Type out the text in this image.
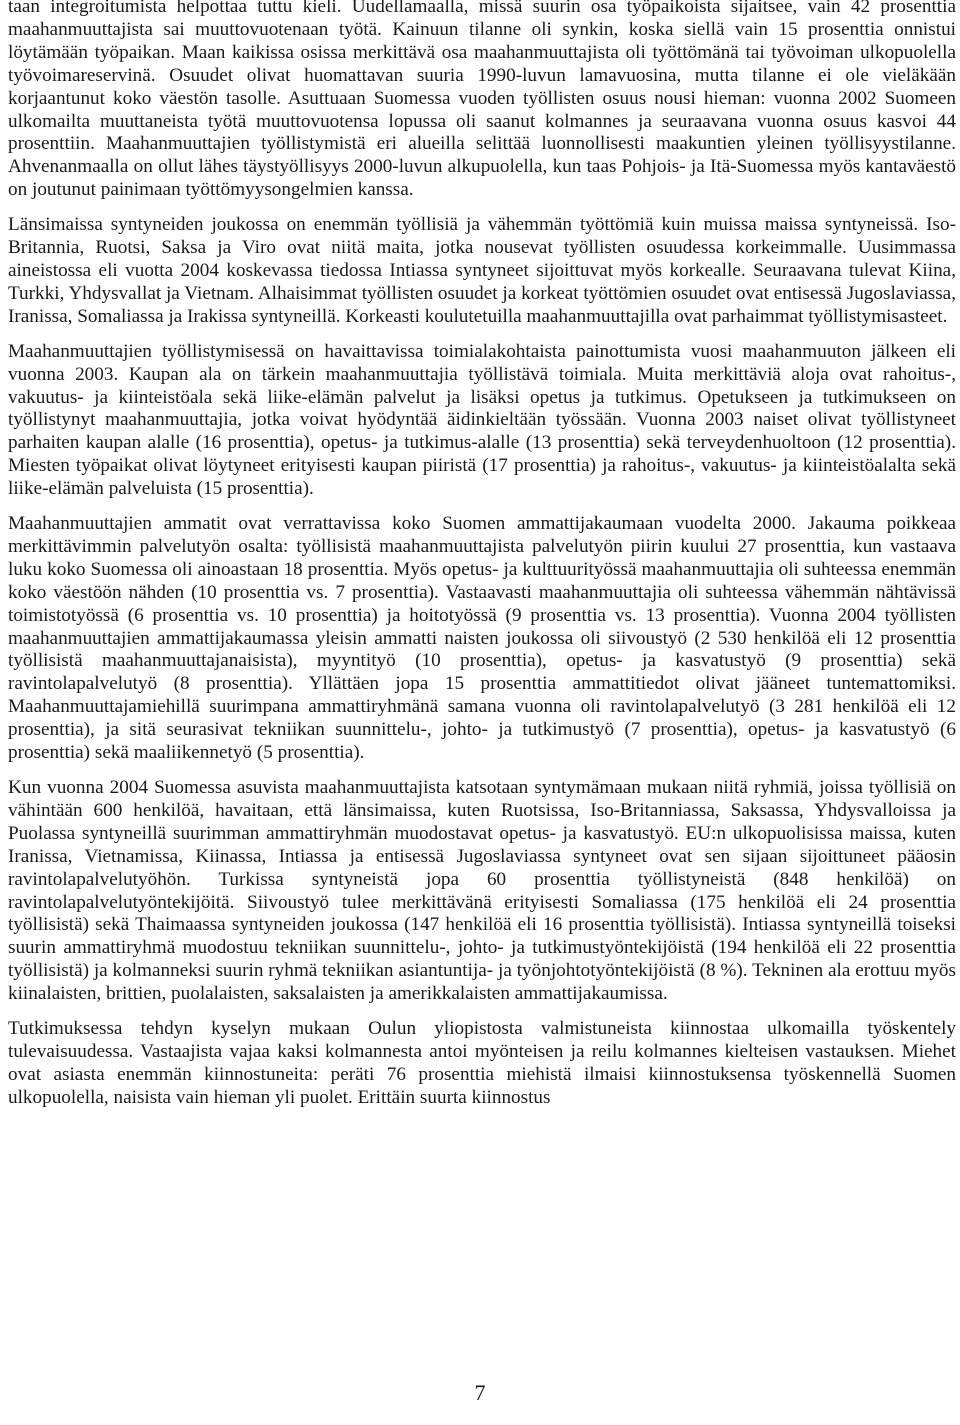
taan integroitumista helpottaa tuttu kieli. Uudellamaalla, missä suurin osa työpaikoista sijaitsee, vain 42 prosenttia maahanmuuttajista sai muuttovuotenaan työtä. Kainuun tilanne oli synkin, koska siellä vain 15 prosenttia onnistui löytämään työpaikan. Maan kaikissa osissa merkittävä osa maahanmuuttajista oli työttömänä tai työvoiman ulkopuolella työvoimareservinä. Osuudet olivat huomattavan suuria 1990-luvun lamavuosina, mutta tilanne ei ole vieläkään korjaantunut koko väestön tasolle. Asuttuaan Suomessa vuoden työllisten osuus nousi hieman: vuonna 2002 Suomeen ulkomailta muuttaneista työtä muuttovuotensa lopussa oli saanut kolmannes ja seuraavana vuonna osuus kasvoi 44 prosenttiin. Maahanmuuttajien työllistymistä eri alueilla selittää luonnollisesti maakuntien yleinen työllisyystilanne. Ahvenanmaalla on ollut lähes täystyöllisyys 2000-luvun alkupuolella, kun taas Pohjois- ja Itä-Suomessa myös kantaväestö on joutunut painimaan työttömyysongelmien kanssa.

Länsimaissa syntyneiden joukossa on enemmän työllisiä ja vähemmän työttömiä kuin muissa maissa syntyneissä. Iso-Britannia, Ruotsi, Saksa ja Viro ovat niitä maita, jotka nousevat työllisten osuudessa korkeimmalle. Uusimmassa aineistossa eli vuotta 2004 koskevassa tiedossa Intiassa syntyneet sijoittuvat myös korkealle. Seuraavana tulevat Kiina, Turkki, Yhdysvallat ja Vietnam. Alhaisimmat työllisten osuudet ja korkeat työttömien osuudet ovat entisessä Jugoslaviassa, Iranissa, Somaliassa ja Irakissa syntyneillä. Korkeasti koulutetuilla maahanmuuttajilla ovat parhaimmat työllistymisasteet.

Maahanmuuttajien työllistymisessä on havaittavissa toimialakohtaista painottumista vuosi maahanmuuton jälkeen eli vuonna 2003. Kaupan ala on tärkein maahanmuuttajia työllistävä toimiala. Muita merkittäviä aloja ovat rahoitus-, vakuutus- ja kiinteistöala sekä liike-elämän palvelut ja lisäksi opetus ja tutkimus. Opetukseen ja tutkimukseen on työllistynyt maahanmuuttajia, jotka voivat hyödyntää äidinkieltään työssään. Vuonna 2003 naiset olivat työllistyneet parhaiten kaupan alalle (16 prosenttia), opetus- ja tutkimus-alalle (13 prosenttia) sekä terveydenhuoltoon (12 prosenttia). Miesten työpaikat olivat löytyneet erityisesti kaupan piiristä (17 prosenttia) ja rahoitus-, vakuutus- ja kiinteistöalalta sekä liike-elämän palveluista (15 prosenttia).

Maahanmuuttajien ammatit ovat verrattavissa koko Suomen ammattijakaumaan vuodelta 2000. Jakauma poikkeaa merkittävimmin palvelutyön osalta: työllisistä maahanmuuttajista palvelutyön piirin kuului 27 prosenttia, kun vastaava luku koko Suomessa oli ainoastaan 18 prosenttia. Myös opetus- ja kulttuurityössä maahanmuuttajia oli suhteessa enemmän koko väestöön nähden (10 prosenttia vs. 7 prosenttia). Vastaavasti maahanmuuttajia oli suhteessa vähemmän nähtävissä toimistotyössä (6 prosenttia vs. 10 prosenttia) ja hoitotyössä (9 prosenttia vs. 13 prosenttia). Vuonna 2004 työllisten maahanmuuttajien ammattijakaumassa yleisin ammatti naisten joukossa oli siivoustyö (2 530 henkilöä eli 12 prosenttia työllisistä maahanmuuttajanaisista), myyntityö (10 prosenttia), opetus- ja kasvatustyö (9 prosenttia) sekä ravintolapalvelutyö (8 prosenttia). Yllättäen jopa 15 prosenttia ammattitiedot olivat jääneet tuntemattomiksi. Maahanmuuttajamiehillä suurimpana ammattiryhmänä samana vuonna oli ravintolapalvelutyö (3 281 henkilöä eli 12 prosenttia), ja sitä seurasivat tekniikan suunnittelu-, johto- ja tutkimustyö (7 prosenttia), opetus- ja kasvatustyö (6 prosenttia) sekä maaliikennetyö (5 prosenttia).

Kun vuonna 2004 Suomessa asuvista maahanmuuttajista katsotaan syntymämaan mukaan niitä ryhmiä, joissa työllisiä on vähintään 600 henkilöä, havaitaan, että länsimaissa, kuten Ruotsissa, Iso-Britanniassa, Saksassa, Yhdysvalloissa ja Puolassa syntyneillä suurimman ammattiryhmän muodostavat opetus- ja kasvatustyö. EU:n ulkopuolisissa maissa, kuten Iranissa, Vietnamissa, Kiinassa, Intiassa ja entisessä Jugoslaviassa syntyneet ovat sen sijaan sijoittuneet pääosin ravintolapalvelutyöhön. Turkissa syntyneistä jopa 60 prosenttia työllistyneistä (848 henkilöä) on ravintolapalvelutyöntekijöitä. Siivoustyö tulee merkittävänä erityisesti Somaliassa (175 henkilöä eli 24 prosenttia työllisistä) sekä Thaimaassa syntyneiden joukossa (147 henkilöä eli 16 prosenttia työllisistä). Intiassa syntyneillä toiseksi suurin ammattiryhmä muodostuu tekniikan suunnittelu-, johto- ja tutkimustyöntekijöistä (194 henkilöä eli 22 prosenttia työllisistä) ja kolmanneksi suurin ryhmä tekniikan asiantuntija- ja työnjohtotyöntekijöistä (8 %). Tekninen ala erottuu myös kiinalaisten, brittien, puolalaisten, saksalaisten ja amerikkalaisten ammattijakaumissa.

Tutkimuksessa tehdyn kyselyn mukaan Oulun yliopistosta valmistuneista kiinnostaa ulkomailla työskentely tulevaisuudessa. Vastaajista vajaa kaksi kolmannesta antoi myönteisen ja reilu kolmannes kielteisen vastauksen. Miehet ovat asiasta enemmän kiinnostuneita: peräti 76 prosenttia miehistä ilmaisi kiinnostuksensa työskennellä Suomen ulkopuolella, naisista vain hieman yli puolet. Erittäin suurta kiinnostus

7
